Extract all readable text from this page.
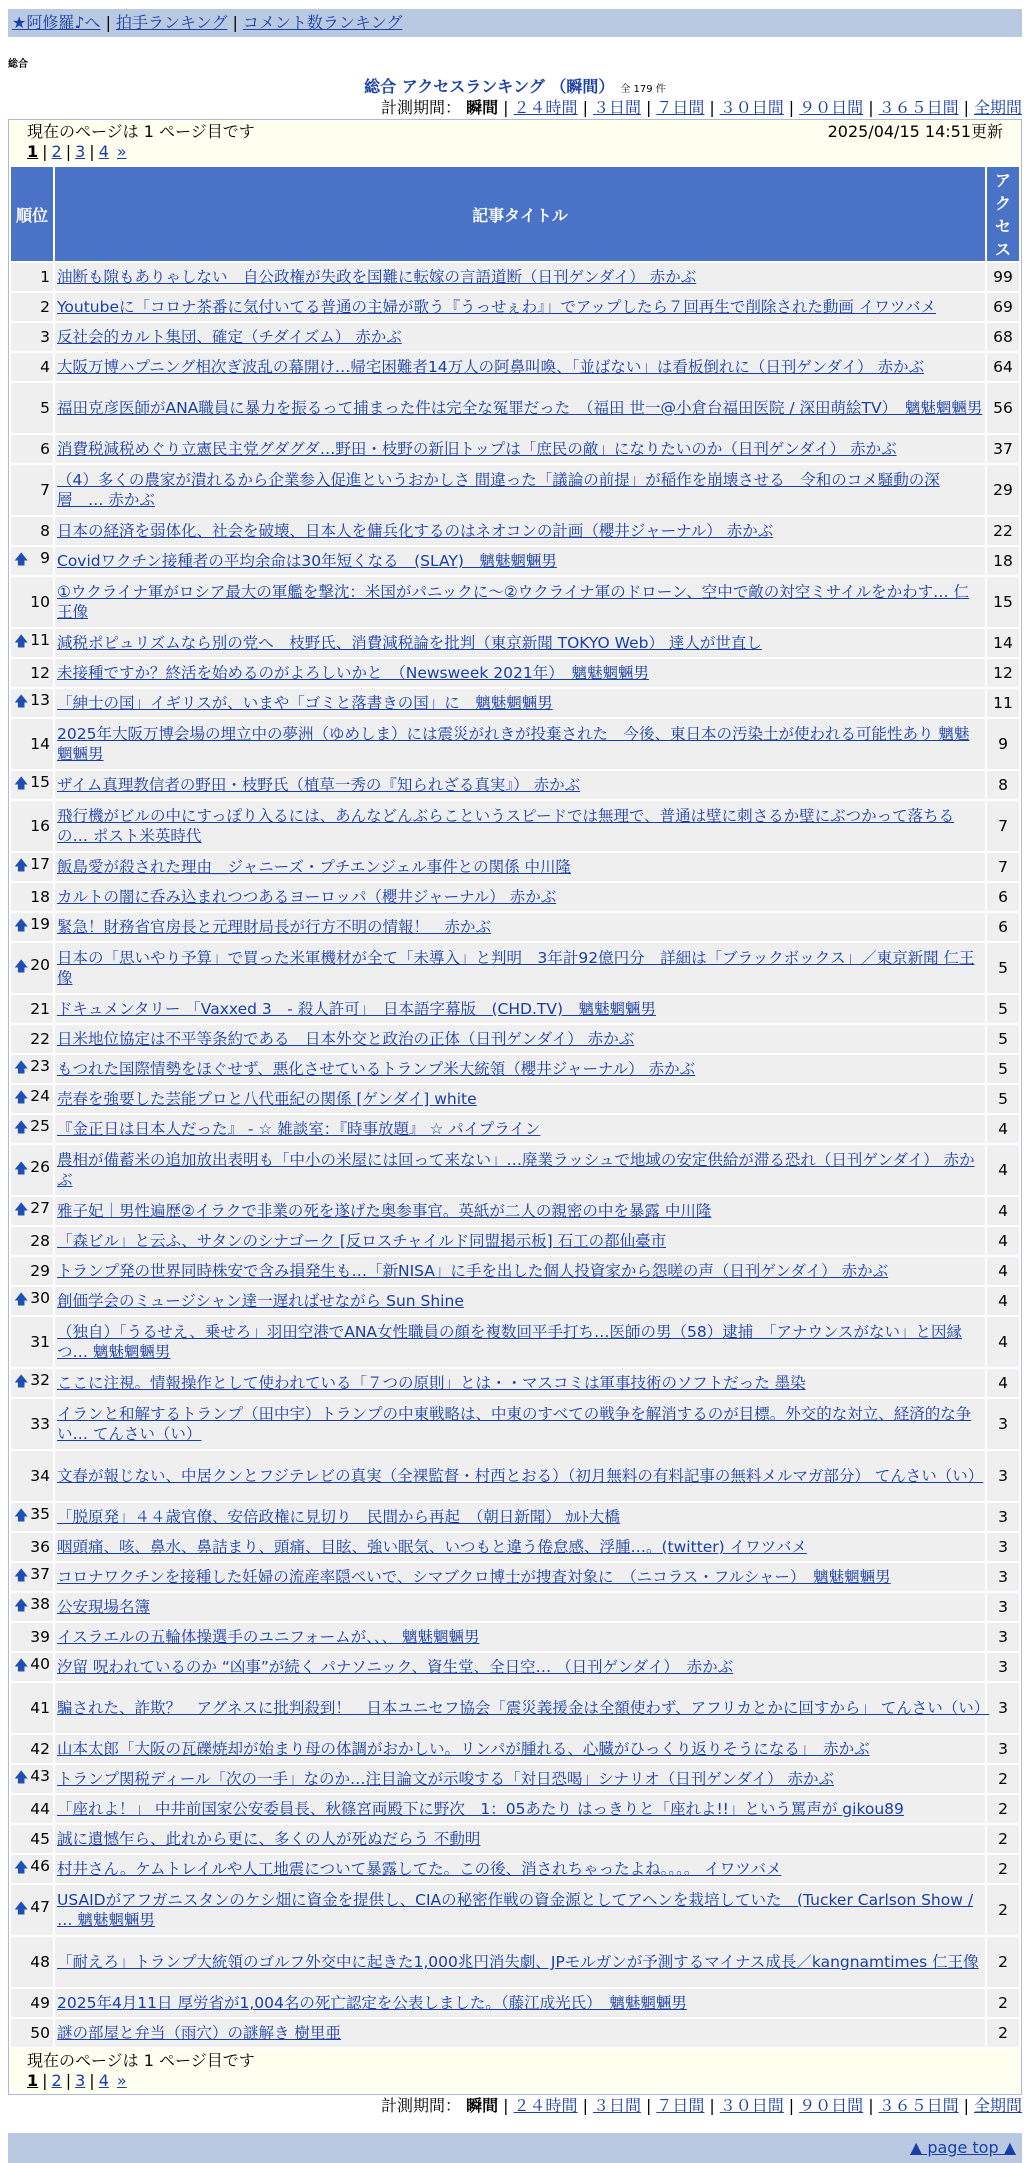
★阿修羅♪へ | 拍手ランキング | コメント数ランキング
総合
総合 アクセスランキング （瞬間） 全 179 件
計測期間： 瞬間 | ２４時間 | ３日間 | ７日間 | ３０日間 | ９０日間 | ３６５日間 | 全期間
現在のページは 1 ページ目です	2025/04/15 14:51更新
1 | 2 | 3 | 4 »
順位	記事タイトル	アクセス
1	油断も隙もありゃしない　自公政権が失政を国難に転嫁の言語道断（日刊ゲンダイ） 赤かぶ	99
2	Youtubeに「コロナ茶番に気付いてる普通の主婦が歌う『うっせぇわ』」でアップしたら７回再生で削除された動画 イワツバメ	69
3	反社会的カルト集団、確定（チダイズム） 赤かぶ	68
4	大阪万博ハプニング相次ぎ波乱の幕開け…帰宅困難者14万人の阿鼻叫喚、「並ばない」は看板倒れに（日刊ゲンダイ） 赤かぶ	64
5	福田克彦医師がANA職員に暴力を振るって捕まった件は完全な冤罪だった　（福田 世一@小倉台福田医院 / 深田萌絵TV）　魑魅魍魎男	56
6	消費税減税めぐり立憲民主党グダグダ…野田・枝野の新旧トップは「庶民の敵」になりたいのか（日刊ゲンダイ） 赤かぶ	37
7	（4）多くの農家が潰れるから企業参入促進というおかしさ 間違った「議論の前提」が稲作を崩壊させる　令和のコメ騒動の深層　… 赤かぶ	29
8	日本の経済を弱体化、社会を破壊、日本人を傭兵化するのはネオコンの計画（櫻井ジャーナル） 赤かぶ	22

🡅 9	Covidワクチン接種者の平均余命は30年短くなる　(SLAY)　魑魅魍魎男	18
10	①ウクライナ軍がロシア最大の軍艦を撃沈：米国がパニックに～②ウクライナ軍のドローン、空中で敵の対空ミサイルをかわす… 仁王像	15

🡅 11	減税ポピュリズムなら別の党へ　枝野氏、消費減税論を批判（東京新聞 TOKYO Web） 達人が世直し	14
12	未接種ですか？終活を始めるのがよろしいかと　（Newsweek 2021年）　魑魅魍魎男	12

🡅 13	「紳士の国」イギリスが、いまや「ゴミと落書きの国」に　魑魅魍魎男	11
14	2025年大阪万博会場の埋立中の夢洲（ゆめしま）には震災がれきが投棄された　今後、東日本の汚染土が使われる可能性あり 魑魅魍魎男	9

🡅 15	ザイム真理教信者の野田・枝野氏（植草一秀の『知られざる真実』） 赤かぶ	8
16	飛行機がビルの中にすっぽり入るには、あんなどんぶらこというスピードでは無理で、普通は壁に刺さるか壁にぶつかって落ちるの… ポスト米英時代	7

🡅 17	飯島愛が殺された理由＿ジャニーズ・プチエンジェル事件との関係 中川隆	7
18	カルトの闇に呑み込まれつつあるヨーロッパ（櫻井ジャーナル） 赤かぶ	6

🡅 19	緊急！財務省官房長と元理財局長が行方不明の情報！　赤かぶ	6

🡅 20	日本の「思いやり予算」で買った米軍機材が全て「未導入」と判明　3年計92億円分　詳細は「ブラックボックス」／東京新聞 仁王像	5
21	ドキュメンタリー 「Vaxxed 3　- 殺人許可」　日本語字幕版　(CHD.TV)　魑魅魍魎男	5
22	日米地位協定は不平等条約である　日本外交と政治の正体（日刊ゲンダイ） 赤かぶ	5

🡅 23	もつれた国際情勢をほぐせず、悪化させているトランプ米大統領（櫻井ジャーナル） 赤かぶ	5

🡅 24	売春を強要した芸能プロと八代亜紀の関係 [ゲンダイ] white	5

🡅 25	『金正日は日本人だった』 - ☆ 雑談室：『時事放題』 ☆ パイプライン	4

🡅 26	農相が備蓄米の追加放出表明も「中小の米屋には回って来ない」…廃業ラッシュで地域の安定供給が滞る恐れ（日刊ゲンダイ） 赤かぶ	4

🡅 27	雅子妃｜男性遍歴②イラクで非業の死を遂げた奥参事官。英紙が二人の親密の中を暴露 中川隆	4
28	「森ビル」と云ふ、サタンのシナゴーク [反ロスチャイルド同盟掲示板] 石工の都仙臺市	4
29	トランプ発の世界同時株安で含み損発生も…「新NISA」に手を出した個人投資家から怨嗟の声（日刊ゲンダイ） 赤かぶ	4

🡅 30	創価学会のミュージシャン達一遅ればせながら Sun Shine	4
31	（独自）「うるせえ、乗せろ」羽田空港でANA女性職員の顔を複数回平手打ち…医師の男（58）逮捕　「アナウンスがない」と因縁つ… 魑魅魍魎男	4

🡅 32	ここに注視。情報操作として使われている「７つの原則」とは・・マスコミは軍事技術のソフトだった 墨染	4
33	イランと和解するトランプ（田中宇）トランプの中東戦略は、中東のすべての戦争を解消するのが目標。外交的な対立、経済的な争い… てんさい（い）	3
34	文春が報じない、中居クンとフジテレビの真実（全裸監督・村西とおる）（初月無料の有料記事の無料メルマガ部分） てんさい（い）	3

🡅 35	「脱原発」４４歳官僚、安倍政権に見切り　民間から再起　（朝日新聞） ｶﾙﾄ大橋	3
36	咽頭痛、咳、鼻水、鼻詰まり、頭痛、目眩、強い眠気、いつもと違う倦怠感、浮腫…。(twitter) イワツバメ	3

🡅 37	コロナワクチンを接種した妊婦の流産率隠ぺいで、シマブクロ博士が捜査対象に　（ニコラス・フルシャー）　魑魅魍魎男	3

🡅 38	公安現場名簿	3
39	イスラエルの五輪体操選手のユニフォームが、、、 魑魅魍魎男	3

🡅 40	汐留 呪われているのか “凶事”が続く パナソニック、資生堂、全日空… （日刊ゲンダイ）　赤かぶ	3
41	騙された、詐欺？　アグネスに批判殺到！　日本ユニセフ協会「震災義援金は全額使わず、アフリカとかに回すから」 てんさい（い）	3
42	山本太郎「大阪の瓦礫焼却が始まり母の体調がおかしい。リンパが腫れる、心臓がひっくり返りそうになる」　赤かぶ	3

🡅 43	トランプ関税ディール「次の一手」なのか…注目論文が示唆する「対日恐喝」シナリオ（日刊ゲンダイ） 赤かぶ	2
44	「座れよ！」 中井前国家公安委員長、秋篠宮両殿下に野次　1：05あたり はっきりと「座れよ!!」という罵声が gikou89	2
45	誠に遺憾乍ら、此れから更に、多くの人が死ぬだらう 不動明	2

🡅 46	村井さん。ケムトレイルや人工地震について暴露してた。この後、消されちゃったよね。。。。 イワツバメ	2

🡅 47	USAIDがアフガニスタンのケシ畑に資金を提供し、CIAの秘密作戦の資金源としてアヘンを栽培していた　(Tucker Carlson Show / … 魑魅魍魎男	2
48	「耐えろ」トランプ大統領のゴルフ外交中に起きた1,000兆円消失劇、JPモルガンが予測するマイナス成長／kangnamtimes 仁王像	2
49	2025年4月11日 厚労省が1,004名の死亡認定を公表しました。（藤江成光氏）　魑魅魍魎男	2
50	謎の部屋と弁当（雨穴）の謎解き 樹里亜	2
現在のページは 1 ページ目です
1 | 2 | 3 | 4 »
計測期間： 瞬間 | ２４時間 | ３日間 | ７日間 | ３０日間 | ９０日間 | ３６５日間 | 全期間
▲ page top ▲
